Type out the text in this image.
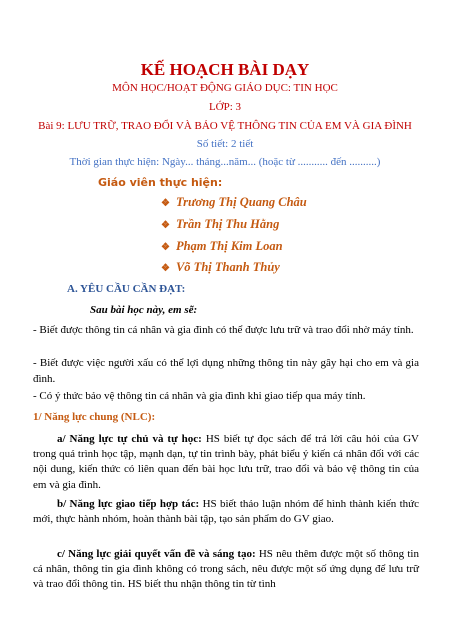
KẾ HOẠCH BÀI DẠY
MÔN HỌC/HOẠT ĐỘNG GIÁO DỤC: TIN HỌC
LỚP: 3
Bài 9: LƯU TRỮ, TRAO ĐỔI VÀ BẢO VỆ THÔNG TIN CỦA EM VÀ GIA ĐÌNH
Số tiết: 2 tiết
Thời gian thực hiện: Ngày... tháng...năm... (hoặc từ ........... đến ..........)
Giáo viên thực hiện:
❖ Trương Thị Quang Châu
❖ Trần Thị Thu Hằng
❖ Phạm Thị Kim Loan
❖ Võ Thị Thanh Thủy
A. YÊU CẦU CẦN ĐẠT:
Sau bài học này, em sẽ:
- Biết được thông tin cá nhân và gia đình có thể được lưu trữ và trao đổi nhờ máy tính.
- Biết được việc người xấu có thể lợi dụng những thông tin này gây hại cho em và gia đình.
- Có ý thức bảo vệ thông tin cá nhân và gia đình khi giao tiếp qua máy tính.
1/ Năng lực chung (NLC):
a/ Năng lực tự chủ và tự học: HS biết tự đọc sách để trả lời câu hỏi của GV trong quá trình học tập, mạnh dạn, tự tin trình bày, phát biểu ý kiến cá nhân đối với các nội dung, kiến thức có liên quan đến bài học lưu trữ, trao đổi và bảo vệ thông tin của em và gia đình.
b/ Năng lực giao tiếp hợp tác: HS biết thảo luận nhóm để hình thành kiến thức mới, thực hành nhóm, hoàn thành bài tập, tạo sản phẩm do GV giao.
c/ Năng lực giải quyết vấn đề và sáng tạo: HS nêu thêm được một số thông tin cá nhân, thông tin gia đình không có trong sách, nêu được một số ứng dụng để lưu trữ và trao đổi thông tin. HS biết thu nhận thông tin từ tình
